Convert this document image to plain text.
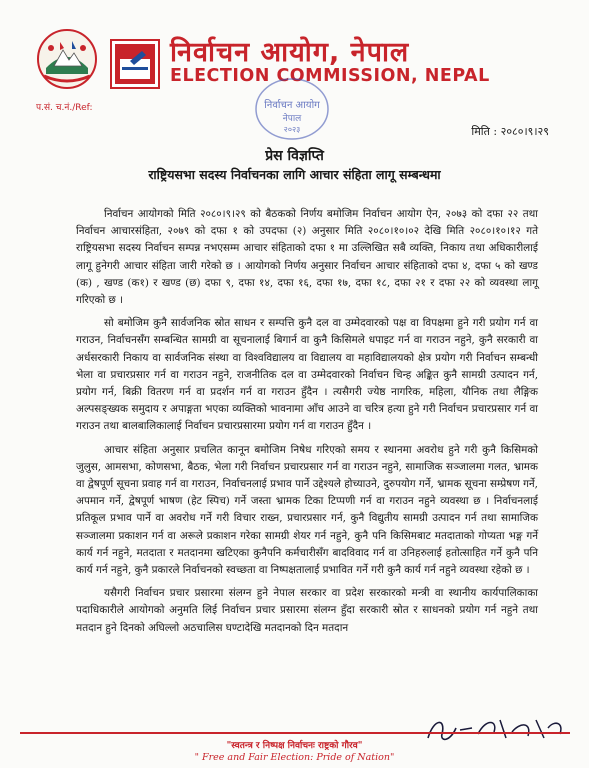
निर्वाचन आयोग, नेपाल
ELECTION COMMISSION, NEPAL
निर्वाचन आयोग
नेपाल
२०२३
प.सं. च.नं./Ref:
मिति : २०८०।९।२९
प्रेस विज्ञप्ति
राष्ट्रियसभा सदस्य निर्वाचनका लागि आचार संहिता लागू सम्बन्धमा

निर्वाचन आयोगको मिति २०८०।९।२९ को बैठकको निर्णय बमोजिम निर्वाचन आयोग ऐन, २०७३ को दफा २२ तथा निर्वाचन आचारसंहिता, २०७९ को दफा १ को उपदफा (२) अनुसार मिति २०८०।१०।०२ देखि मिति २०८०।१०।१२ गते राष्ट्रियसभा सदस्य निर्वाचन सम्पन्न नभएसम्म आचार संहिताको दफा १ मा उल्लिखित सबै व्यक्ति, निकाय तथा अधिकारीलाई लागू हुनेगरी आचार संहिता जारी गरेको छ । आयोगको निर्णय अनुसार निर्वाचन आचार संहिताको दफा ४, दफा ५ को खण्ड (क) , खण्ड (क१) र खण्ड (छ) दफा ९, दफा १४, दफा १६, दफा १७, दफा १८, दफा २१ र दफा २२ को व्यवस्था लागू गरिएको छ ।

सो बमोजिम कुनै सार्वजनिक स्रोत साधन र सम्पत्ति कुनै दल वा उम्मेदवारको पक्ष वा विपक्षमा हुने गरी प्रयोग गर्न वा गराउन, निर्वाचनसँग सम्बन्धित सामग्री वा सूचनालाई बिगार्न वा कुनै किसिमले धपाइट गर्न वा गराउन नहुने, कुनै सरकारी वा अर्धसरकारी निकाय वा सार्वजनिक संस्था वा विश्वविद्यालय वा विद्यालय वा महाविद्यालयको क्षेत्र प्रयोग गरी निर्वाचन सम्बन्धी भेला वा प्रचारप्रसार गर्न वा गराउन नहुने, राजनीतिक दल वा उम्मेदवारको निर्वाचन चिन्ह अङ्कित कुनै सामग्री उत्पादन गर्न, प्रयोग गर्न, बिक्री वितरण गर्न वा प्रदर्शन गर्न वा गराउन हुँदैन । त्यसैगरी ज्येष्ठ नागरिक, महिला, यौनिक तथा लैङ्गिक अल्पसङ्ख्यक समुदाय र अपाङ्गता भएका व्यक्तिको भावनामा आँच आउने वा चरित्र हत्या हुने गरी निर्वाचन प्रचारप्रसार गर्न वा गराउन तथा बालबालिकालाई निर्वाचन प्रचारप्रसारमा प्रयोग गर्न वा गराउन हुँदैन ।

आचार संहिता अनुसार प्रचलित कानून बमोजिम निषेध गरिएको समय र स्थानमा अवरोध हुने गरी कुनै किसिमको जुलुस, आमसभा, कोणसभा, बैठक, भेला गरी निर्वाचन प्रचारप्रसार गर्न वा गराउन नहुने, सामाजिक सञ्जालमा गलत, भ्रामक वा द्वेषपूर्ण सूचना प्रवाह गर्न वा गराउन, निर्वाचनलाई प्रभाव पार्ने उद्देश्यले होच्याउने, दुरुपयोग गर्ने, भ्रामक सूचना सम्प्रेषण गर्ने, अपमान गर्ने, द्वेषपूर्ण भाषण (हेट स्पिच) गर्ने जस्ता भ्रामक टिका टिप्पणी गर्न वा गराउन नहुने व्यवस्था छ । निर्वाचनलाई प्रतिकूल प्रभाव पार्ने वा अवरोध गर्ने गरी विचार राख्न, प्रचारप्रसार गर्न, कुनै विद्युतीय सामग्री उत्पादन गर्न तथा सामाजिक सञ्जालमा प्रकाशन गर्न वा अरूले प्रकाशन गरेका सामग्री शेयर गर्न नहुने, कुनै पनि किसिमबाट मतदाताको गोप्यता भङ्ग गर्ने कार्य गर्न नहुने, मतदाता र मतदानमा खटिएका कुनैपनि कर्मचारीसँग बादविवाद गर्न वा उनिहरुलाई हतोत्साहित गर्ने कुनै पनि कार्य गर्न नहुने, कुनै प्रकारले निर्वाचनको स्वच्छता वा निष्पक्षतालाई प्रभावित गर्ने गरी कुनै कार्य गर्न नहुने व्यवस्था रहेको छ ।

यसैगरी निर्वाचन प्रचार प्रसारमा संलग्न हुने नेपाल सरकार वा प्रदेश सरकारको मन्त्री वा स्थानीय कार्यपालिकाका पदाधिकारीले आयोगको अनुमति लिई निर्वाचन प्रचार प्रसारमा संलग्न हुँदा सरकारी स्रोत र साधनको प्रयोग गर्न नहुने तथा मतदान हुने दिनको अघिल्लो अठचालिस घण्टादेखि मतदानको दिन मतदान

"स्वतन्त्र र निष्पक्ष निर्वाचनः राष्ट्रको गौरव"
" Free and Fair Election: Pride of Nation"
